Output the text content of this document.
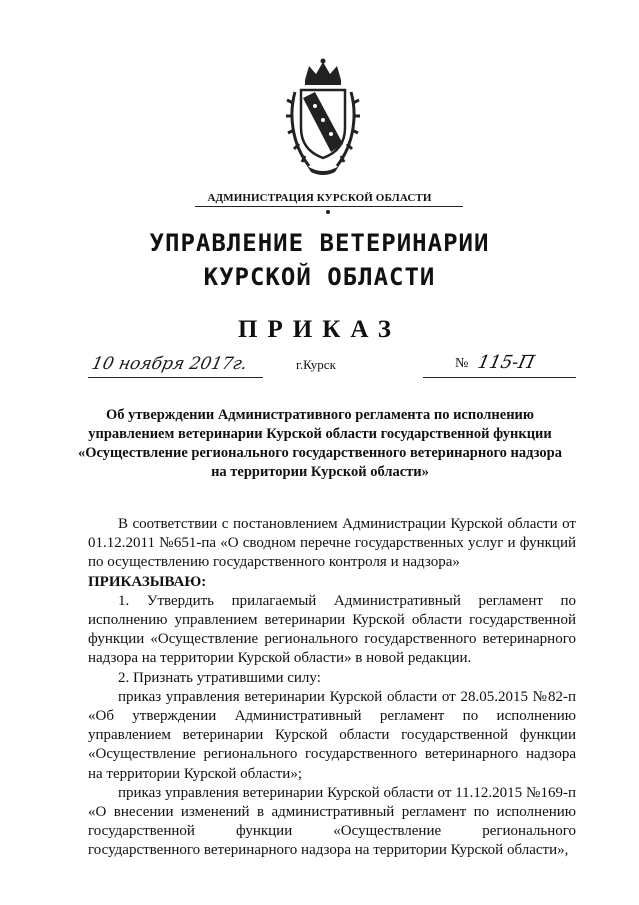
АДМИНИСТРАЦИЯ КУРСКОЙ ОБЛАСТИ
УПРАВЛЕНИЕ ВЕТЕРИНАРИИ
КУРСКОЙ ОБЛАСТИ
ПРИКАЗ
10 ноября 2017г.	г.Курск	№ 115-П
Об утверждении Административного регламента по исполнению управлением ветеринарии Курской области государственной функции «Осуществление регионального государственного ветеринарного надзора на территории Курской области»

В соответствии с постановлением Администрации Курской области от 01.12.2011 №651-па «О сводном перечне государственных услуг и функций по осуществлению государственного контроля и надзора»

ПРИКАЗЫВАЮ:

1. Утвердить прилагаемый Административный регламент по исполнению управлением ветеринарии Курской области государственной функции «Осуществление регионального государственного ветеринарного надзора на территории Курской области» в новой редакции.

2. Признать утратившими силу:

приказ управления ветеринарии Курской области от 28.05.2015 №82-п «Об утверждении Административный регламент по исполнению управлением ветеринарии Курской области государственной функции «Осуществление регионального государственного ветеринарного надзора на территории Курской области»;

приказ управления ветеринарии Курской области от 11.12.2015 №169-п «О внесении изменений в административный регламент по исполнению государственной функции «Осуществление регионального государственного ветеринарного надзора на территории Курской области»,
